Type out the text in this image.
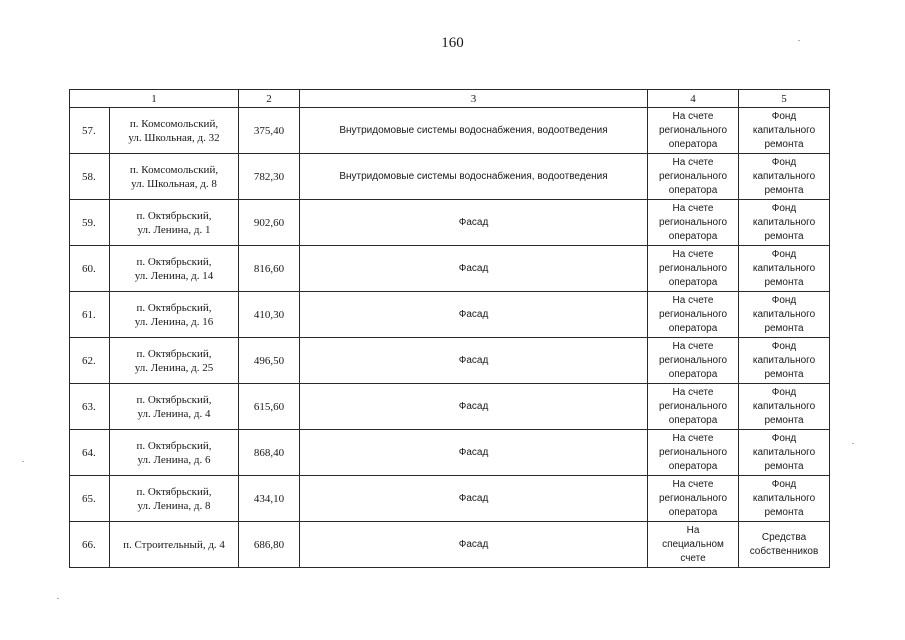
160
1		2	3	4	5
57.	п. Комсомольский,
ул. Школьная, д. 32	375,40	Внутридомовые системы водоснабжения, водоотведения	На счете
регионального
оператора	Фонд
капитального
ремонта

58.	п. Комсомольский,
ул. Школьная, д. 8	782,30	Внутридомовые системы водоснабжения, водоотведения	На счете
регионального
оператора	Фонд
капитального
ремонта

59.	п. Октябрьский,
ул. Ленина, д. 1	902,60	Фасад	На счете
регионального
оператора	Фонд
капитального
ремонта

60.	п. Октябрьский,
ул. Ленина, д. 14	816,60	Фасад	На счете
регионального
оператора	Фонд
капитального
ремонта

61.	п. Октябрьский,
ул. Ленина, д. 16	410,30	Фасад	На счете
регионального
оператора	Фонд
капитального
ремонта

62.	п. Октябрьский,
ул. Ленина, д. 25	496,50	Фасад	На счете
регионального
оператора	Фонд
капитального
ремонта

63.	п. Октябрьский,
ул. Ленина, д. 4	615,60	Фасад	На счете
регионального
оператора	Фонд
капитального
ремонта

64.	п. Октябрьский,
ул. Ленина, д. 6	868,40	Фасад	На счете
регионального
оператора	Фонд
капитального
ремонта

65.	п. Октябрьский,
ул. Ленина, д. 8	434,10	Фасад	На счете
регионального
оператора	Фонд
капитального
ремонта

66.	п. Строительный, д. 4	686,80	Фасад	На
специальном
счете	Средства
собственников
